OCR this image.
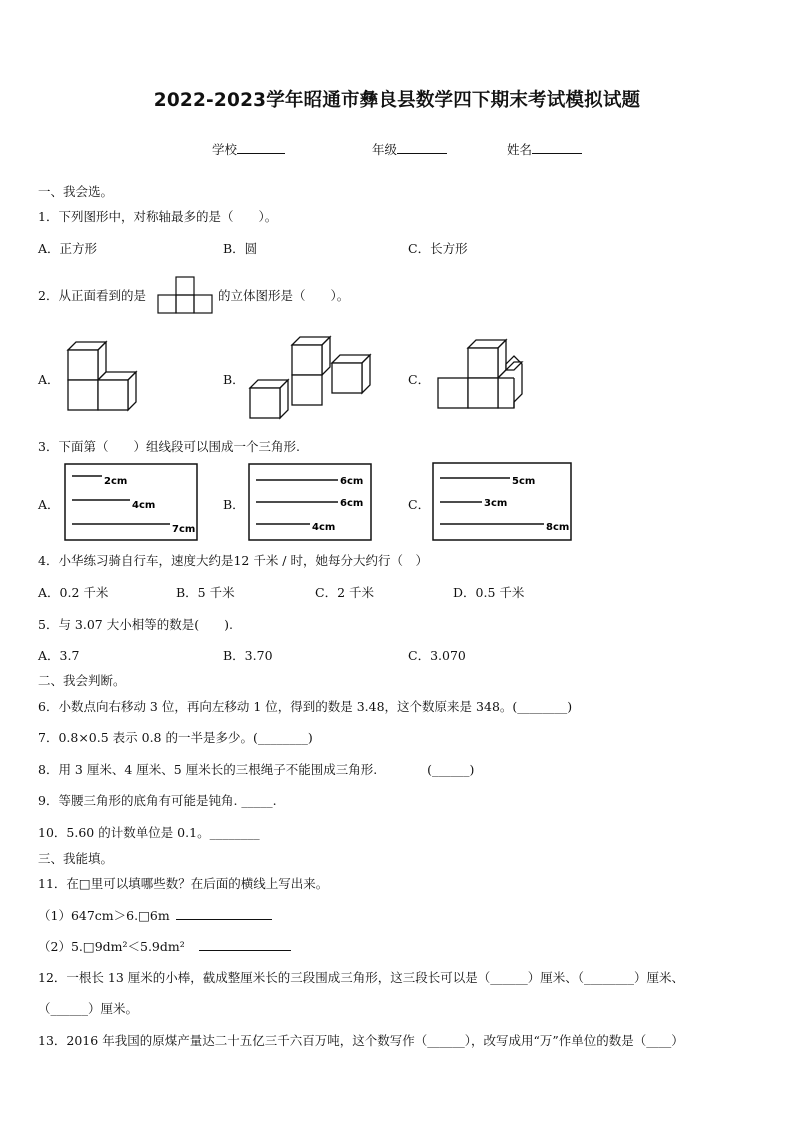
2022-2023学年昭通市彝良县数学四下期末考试模拟试题
学校	年级	姓名
一、我会选。
1．下列图形中，对称轴最多的是（　　）。
A．正方形	B．圆	C．长方形
2．从正面看到的是	的立体图形是（　　）。
A．	B．	C．
3．下面第（　　）组线段可以围成一个三角形.
A．
2cm
4cm
7cm
B．
6cm
6cm
4cm
C．
5cm
3cm
8cm
4．小华练习骑自行车，速度大约是12 千米 / 时，她每分大约行（　）
A．0.2 千米	B．5 千米	C．2 千米	D．0.5 千米
5．与 3.07 大小相等的数是(　　).
A．3.7	B．3.70	C．3.070
二、我会判断。
6．小数点向右移动 3 位，再向左移动 1 位，得到的数是 3.48，这个数原来是 348。(________)
7．0.8×0.5 表示 0.8 的一半是多少。(________)
8．用 3 厘米、4 厘米、5 厘米长的三根绳子不能围成三角形.　　　　(______)
9．等腰三角形的底角有可能是钝角. _____.
10．5.60 的计数单位是 0.1。________
三、我能填。
11．在□里可以填哪些数？在后面的横线上写出来。
（1）647cm＞6.□6m
（2）5.□9dm²＜5.9dm²
12．一根长 13 厘米的小棒，截成整厘米长的三段围成三角形，这三段长可以是（______）厘米、（________）厘米、
（______）厘米。
13．2016 年我国的原煤产量达二十五亿三千六百万吨，这个数写作（______），改写成用“万”作单位的数是（____）
